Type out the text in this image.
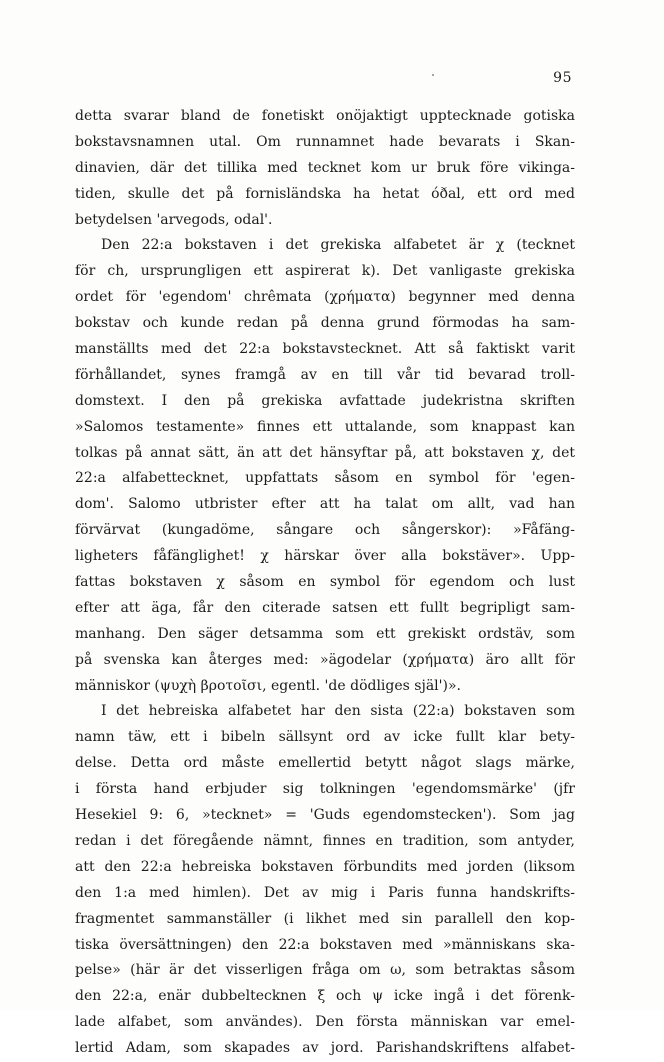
95
detta svarar bland de fonetiskt onöjaktigt upptecknade gotiska
bokstavsnamnen utal. Om runnamnet hade bevarats i Skan-
dinavien, där det tillika med tecknet kom ur bruk före vikinga-
tiden, skulle det på fornisländska ha hetat óðal, ett ord med
betydelsen 'arvegods, odal'.
Den 22:a bokstaven i det grekiska alfabetet är χ (tecknet
för ch, ursprungligen ett aspirerat k). Det vanligaste grekiska
ordet för 'egendom' chrêmata (χρήματα) begynner med denna
bokstav och kunde redan på denna grund förmodas ha sam-
manställts med det 22:a bokstavstecknet. Att så faktiskt varit
förhållandet, synes framgå av en till vår tid bevarad troll-
domstext. I den på grekiska avfattade judekristna skriften
»Salomos testamente» finnes ett uttalande, som knappast kan
tolkas på annat sätt, än att det hänsyftar på, att bokstaven χ, det
22:a alfabettecknet, uppfattats såsom en symbol för 'egen-
dom'. Salomo utbrister efter att ha talat om allt, vad han
förvärvat (kungadöme, sångare och sångerskor): »Fåfäng-
ligheters fåfänglighet! χ härskar över alla bokstäver». Upp-
fattas bokstaven χ såsom en symbol för egendom och lust
efter att äga, får den citerade satsen ett fullt begripligt sam-
manhang. Den säger detsamma som ett grekiskt ordstäv, som
på svenska kan återges med: »ägodelar (χρήματα) äro allt för
människor (ψυχὴ βροτοῖσι, egentl. 'de dödliges själ')».
I det hebreiska alfabetet har den sista (22:a) bokstaven som
namn täw, ett i bibeln sällsynt ord av icke fullt klar bety-
delse. Detta ord måste emellertid betytt något slags märke,
i första hand erbjuder sig tolkningen 'egendomsmärke' (jfr
Hesekiel 9: 6, »tecknet» = 'Guds egendomstecken'). Som jag
redan i det föregående nämnt, finnes en tradition, som antyder,
att den 22:a hebreiska bokstaven förbundits med jorden (liksom
den 1:a med himlen). Det av mig i Paris funna handskrifts-
fragmentet sammanställer (i likhet med sin parallell den kop-
tiska översättningen) den 22:a bokstaven med »människans ska-
pelse» (här är det visserligen fråga om ω, som betraktas såsom
den 22:a, enär dubbeltecknen ξ och ψ icke ingå i det förenk-
lade alfabet, som användes). Den första människan var emel-
lertid Adam, som skapades av jord. Parishandskriftens alfabet-
